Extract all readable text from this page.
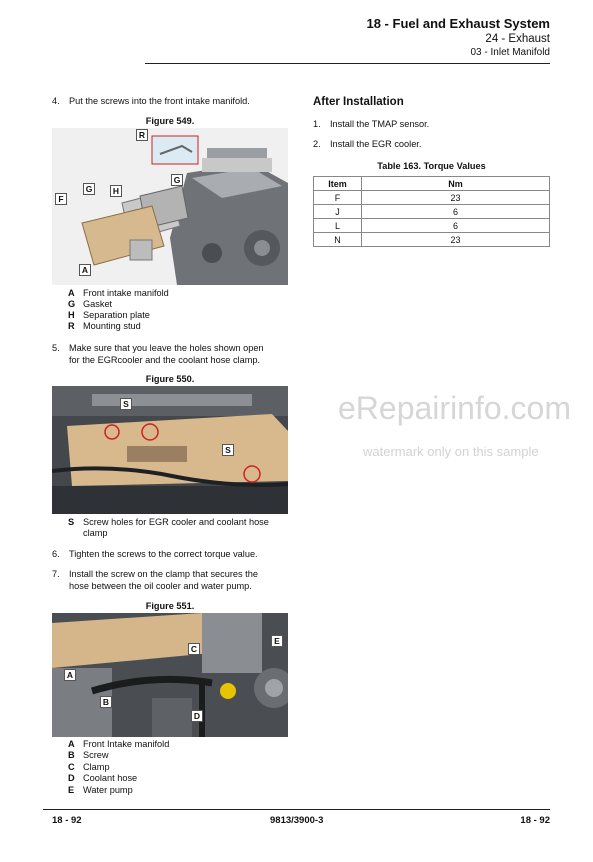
18 - Fuel and Exhaust System
24 - Exhaust
03 - Inlet Manifold
4. Put the screws into the front intake manifold.
Figure 549.
R
G	H
G
F
A
A Front intake manifold
G Gasket
H Separation plate
R Mounting stud
5. Make sure that you leave the holes shown open
for the EGRcooler and the coolant hose clamp.
Figure 550.
S
S
S Screw holes for EGR cooler and coolant hose
clamp
6. Tighten the screws to the correct torque value.
7. Install the screw on the clamp that secures the
hose between the oil cooler and water pump.
Figure 551.
A
B
C
D
E
A Front Intake manifold
B Screw
C Clamp
D Coolant hose
E Water pump
After Installation
1. Install the TMAP sensor.
2. Install the EGR cooler.
Table 163. Torque Values
Item	Nm
F	23
J	6
L	6
N	23
eRepairinfo.com
watermark only on this sample
18 - 92	9813/3900-3	18 - 92
